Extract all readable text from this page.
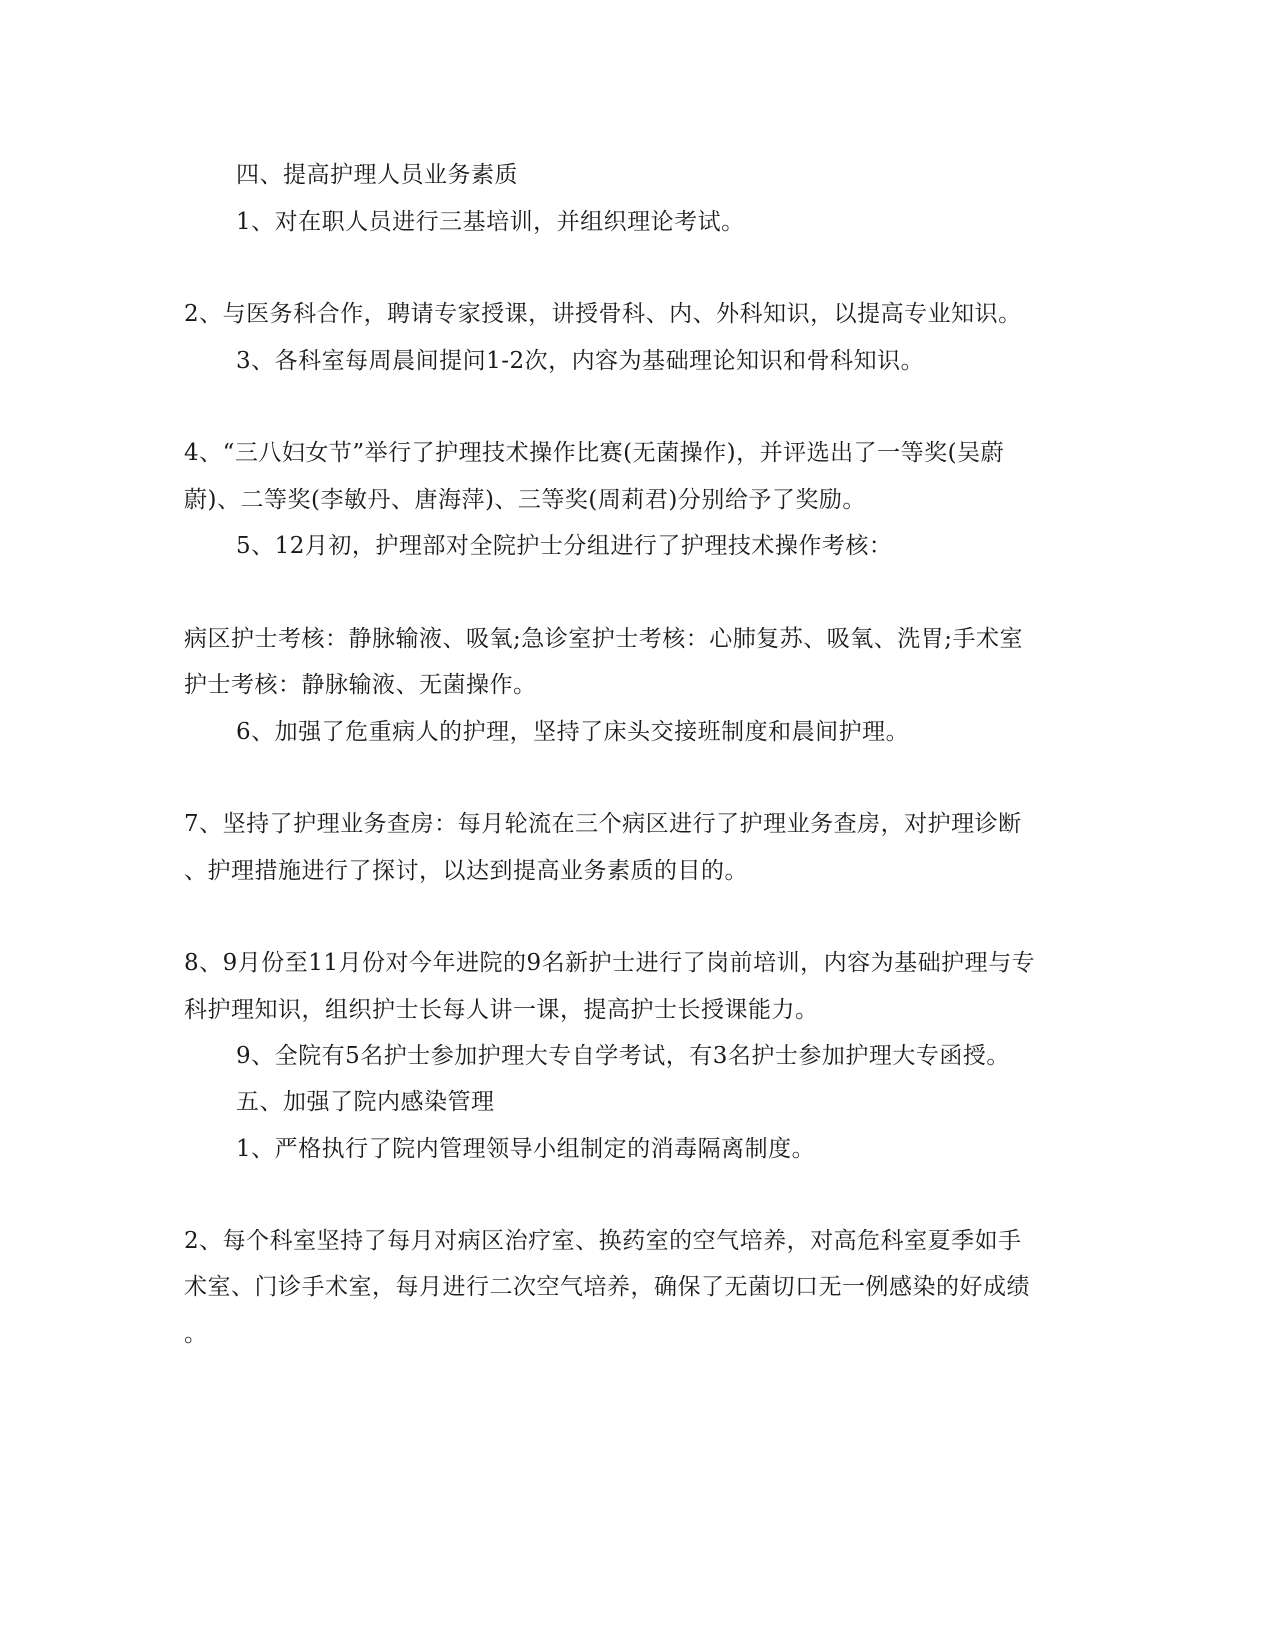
四、提高护理人员业务素质
1、对在职人员进行三基培训，并组织理论考试。
2、与医务科合作，聘请专家授课，讲授骨科、内、外科知识，以提高专业知识。
3、各科室每周晨间提问1-2次，内容为基础理论知识和骨科知识。
4、“三八妇女节”举行了护理技术操作比赛(无菌操作)，并评选出了一等奖(吴蔚
蔚)、二等奖(李敏丹、唐海萍)、三等奖(周莉君)分别给予了奖励。
5、12月初，护理部对全院护士分组进行了护理技术操作考核：
病区护士考核：静脉输液、吸氧;急诊室护士考核：心肺复苏、吸氧、洗胃;手术室
护士考核：静脉输液、无菌操作。
6、加强了危重病人的护理，坚持了床头交接班制度和晨间护理。
7、坚持了护理业务查房：每月轮流在三个病区进行了护理业务查房，对护理诊断
、护理措施进行了探讨，以达到提高业务素质的目的。
8、9月份至11月份对今年进院的9名新护士进行了岗前培训，内容为基础护理与专
科护理知识，组织护士长每人讲一课，提高护士长授课能力。
9、全院有5名护士参加护理大专自学考试，有3名护士参加护理大专函授。
五、加强了院内感染管理
1、严格执行了院内管理领导小组制定的消毒隔离制度。
2、每个科室坚持了每月对病区治疗室、换药室的空气培养，对高危科室夏季如手
术室、门诊手术室，每月进行二次空气培养，确保了无菌切口无一例感染的好成绩
。
